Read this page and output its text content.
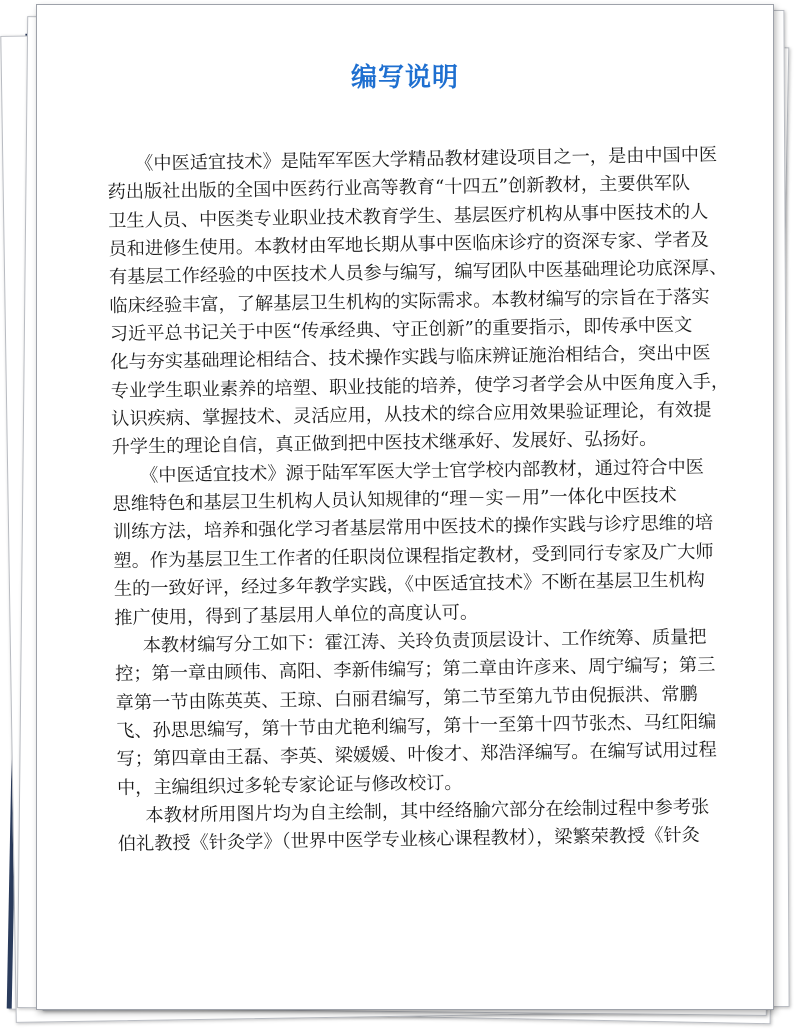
编写说明

《中医适宜技术》是陆军军医大学精品教材建设项目之一，是由中国中医
药出版社出版的全国中医药行业高等教育“十四五”创新教材，主要供军队
卫生人员、中医类专业职业技术教育学生、基层医疗机构从事中医技术的人
员和进修生使用。本教材由军地长期从事中医临床诊疗的资深专家、学者及
有基层工作经验的中医技术人员参与编写，编写团队中医基础理论功底深厚、
临床经验丰富，了解基层卫生机构的实际需求。本教材编写的宗旨在于落实
习近平总书记关于中医“传承经典、守正创新”的重要指示，即传承中医文
化与夯实基础理论相结合、技术操作实践与临床辨证施治相结合，突出中医
专业学生职业素养的培塑、职业技能的培养，使学习者学会从中医角度入手，
认识疾病、掌握技术、灵活应用，从技术的综合应用效果验证理论，有效提
升学生的理论自信，真正做到把中医技术继承好、发展好、弘扬好。

《中医适宜技术》源于陆军军医大学士官学校内部教材，通过符合中医
思维特色和基层卫生机构人员认知规律的“理－实－用”一体化中医技术
训练方法，培养和强化学习者基层常用中医技术的操作实践与诊疗思维的培
塑。作为基层卫生工作者的任职岗位课程指定教材，受到同行专家及广大师
生的一致好评，经过多年教学实践，《中医适宜技术》不断在基层卫生机构
推广使用，得到了基层用人单位的高度认可。

本教材编写分工如下：霍江涛、关玲负责顶层设计、工作统筹、质量把
控；第一章由顾伟、高阳、李新伟编写；第二章由许彦来、周宁编写；第三
章第一节由陈英英、王琼、白丽君编写，第二节至第九节由倪振洪、常鹏
飞、孙思思编写，第十节由尤艳利编写，第十一至第十四节张杰、马红阳编
写；第四章由王磊、李英、梁媛媛、叶俊才、郑浩泽编写。在编写试用过程
中，主编组织过多轮专家论证与修改校订。

本教材所用图片均为自主绘制，其中经络腧穴部分在绘制过程中参考张
伯礼教授《针灸学》（世界中医学专业核心课程教材），梁繁荣教授《针灸
